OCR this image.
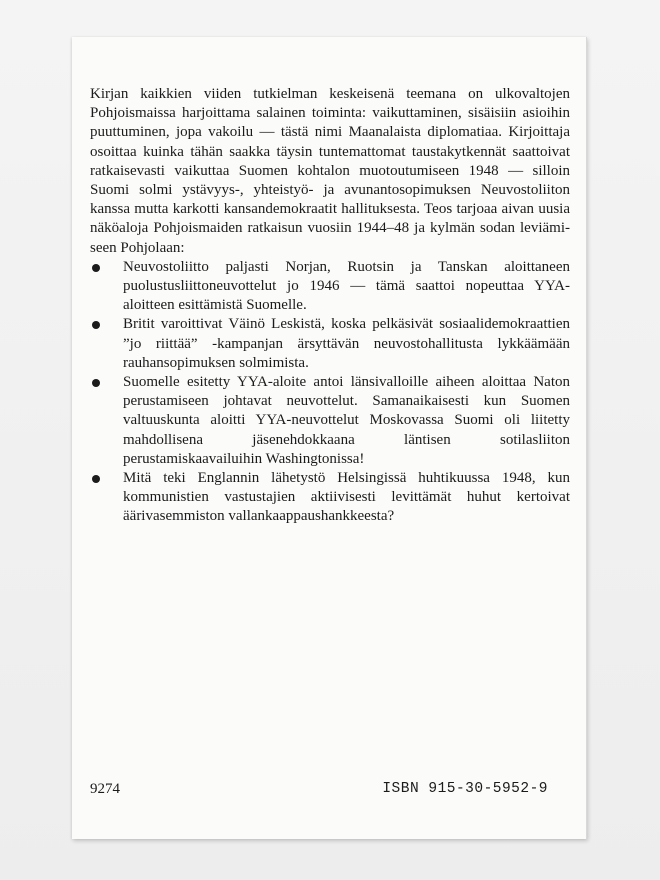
Kirjan kaikkien viiden tutkielman keskeisenä teemana on ulkovaltojen Pohjoismaissa harjoittama salainen toiminta: vaikuttaminen, sisäisiin asioihin puuttuminen, jopa vakoilu — tästä nimi Maanalaista diplomatiaa. Kirjoittaja osoittaa kuinka tähän saakka täysin tuntemattomat taustakytkennät saattoivat ratkaisevasti vaikuttaa Suomen kohtalon muotoutumiseen 1948 — silloin Suomi solmi ystävyys-, yhteistyö- ja avunantosopimuksen Neuvostoliiton kanssa mutta karkotti kansandemokraatit hallituksesta. Teos tarjoaa aivan uusia näköaloja Pohjoismaiden ratkaisun vuosiin 1944–48 ja kylmän sodan leviämiseen Pohjolaan:

Neuvostoliitto paljasti Norjan, Ruotsin ja Tanskan aloittaneen puolustusliittoneuvottelut jo 1946 — tämä saattoi nopeuttaa YYA-aloitteen esittämistä Suomelle.
Britit varoittivat Väinö Leskistä, koska pelkäsivät sosiaalidemokraattien ”jo riittää” -kampanjan ärsyttävän neuvostohallitusta lykkäämään rauhansopimuksen solmimista.
Suomelle esitetty YYA-aloite antoi länsivalloille aiheen aloittaa Naton perustamiseen johtavat neuvottelut. Samanaikaisesti kun Suomen valtuuskunta aloitti YYA-neuvottelut Moskovassa Suomi oli liitetty mahdollisena jäsenehdokkaana läntisen sotilasliiton perustamiskaavailuihin Washingtonissa!
Mitä teki Englannin lähetystö Helsingissä huhtikuussa 1948, kun kommunistien vastustajien aktiivisesti levittämät huhut kertoivat äärivasemmiston vallankaappaushankkeesta?
9274	ISBN 915-30-5952-9
